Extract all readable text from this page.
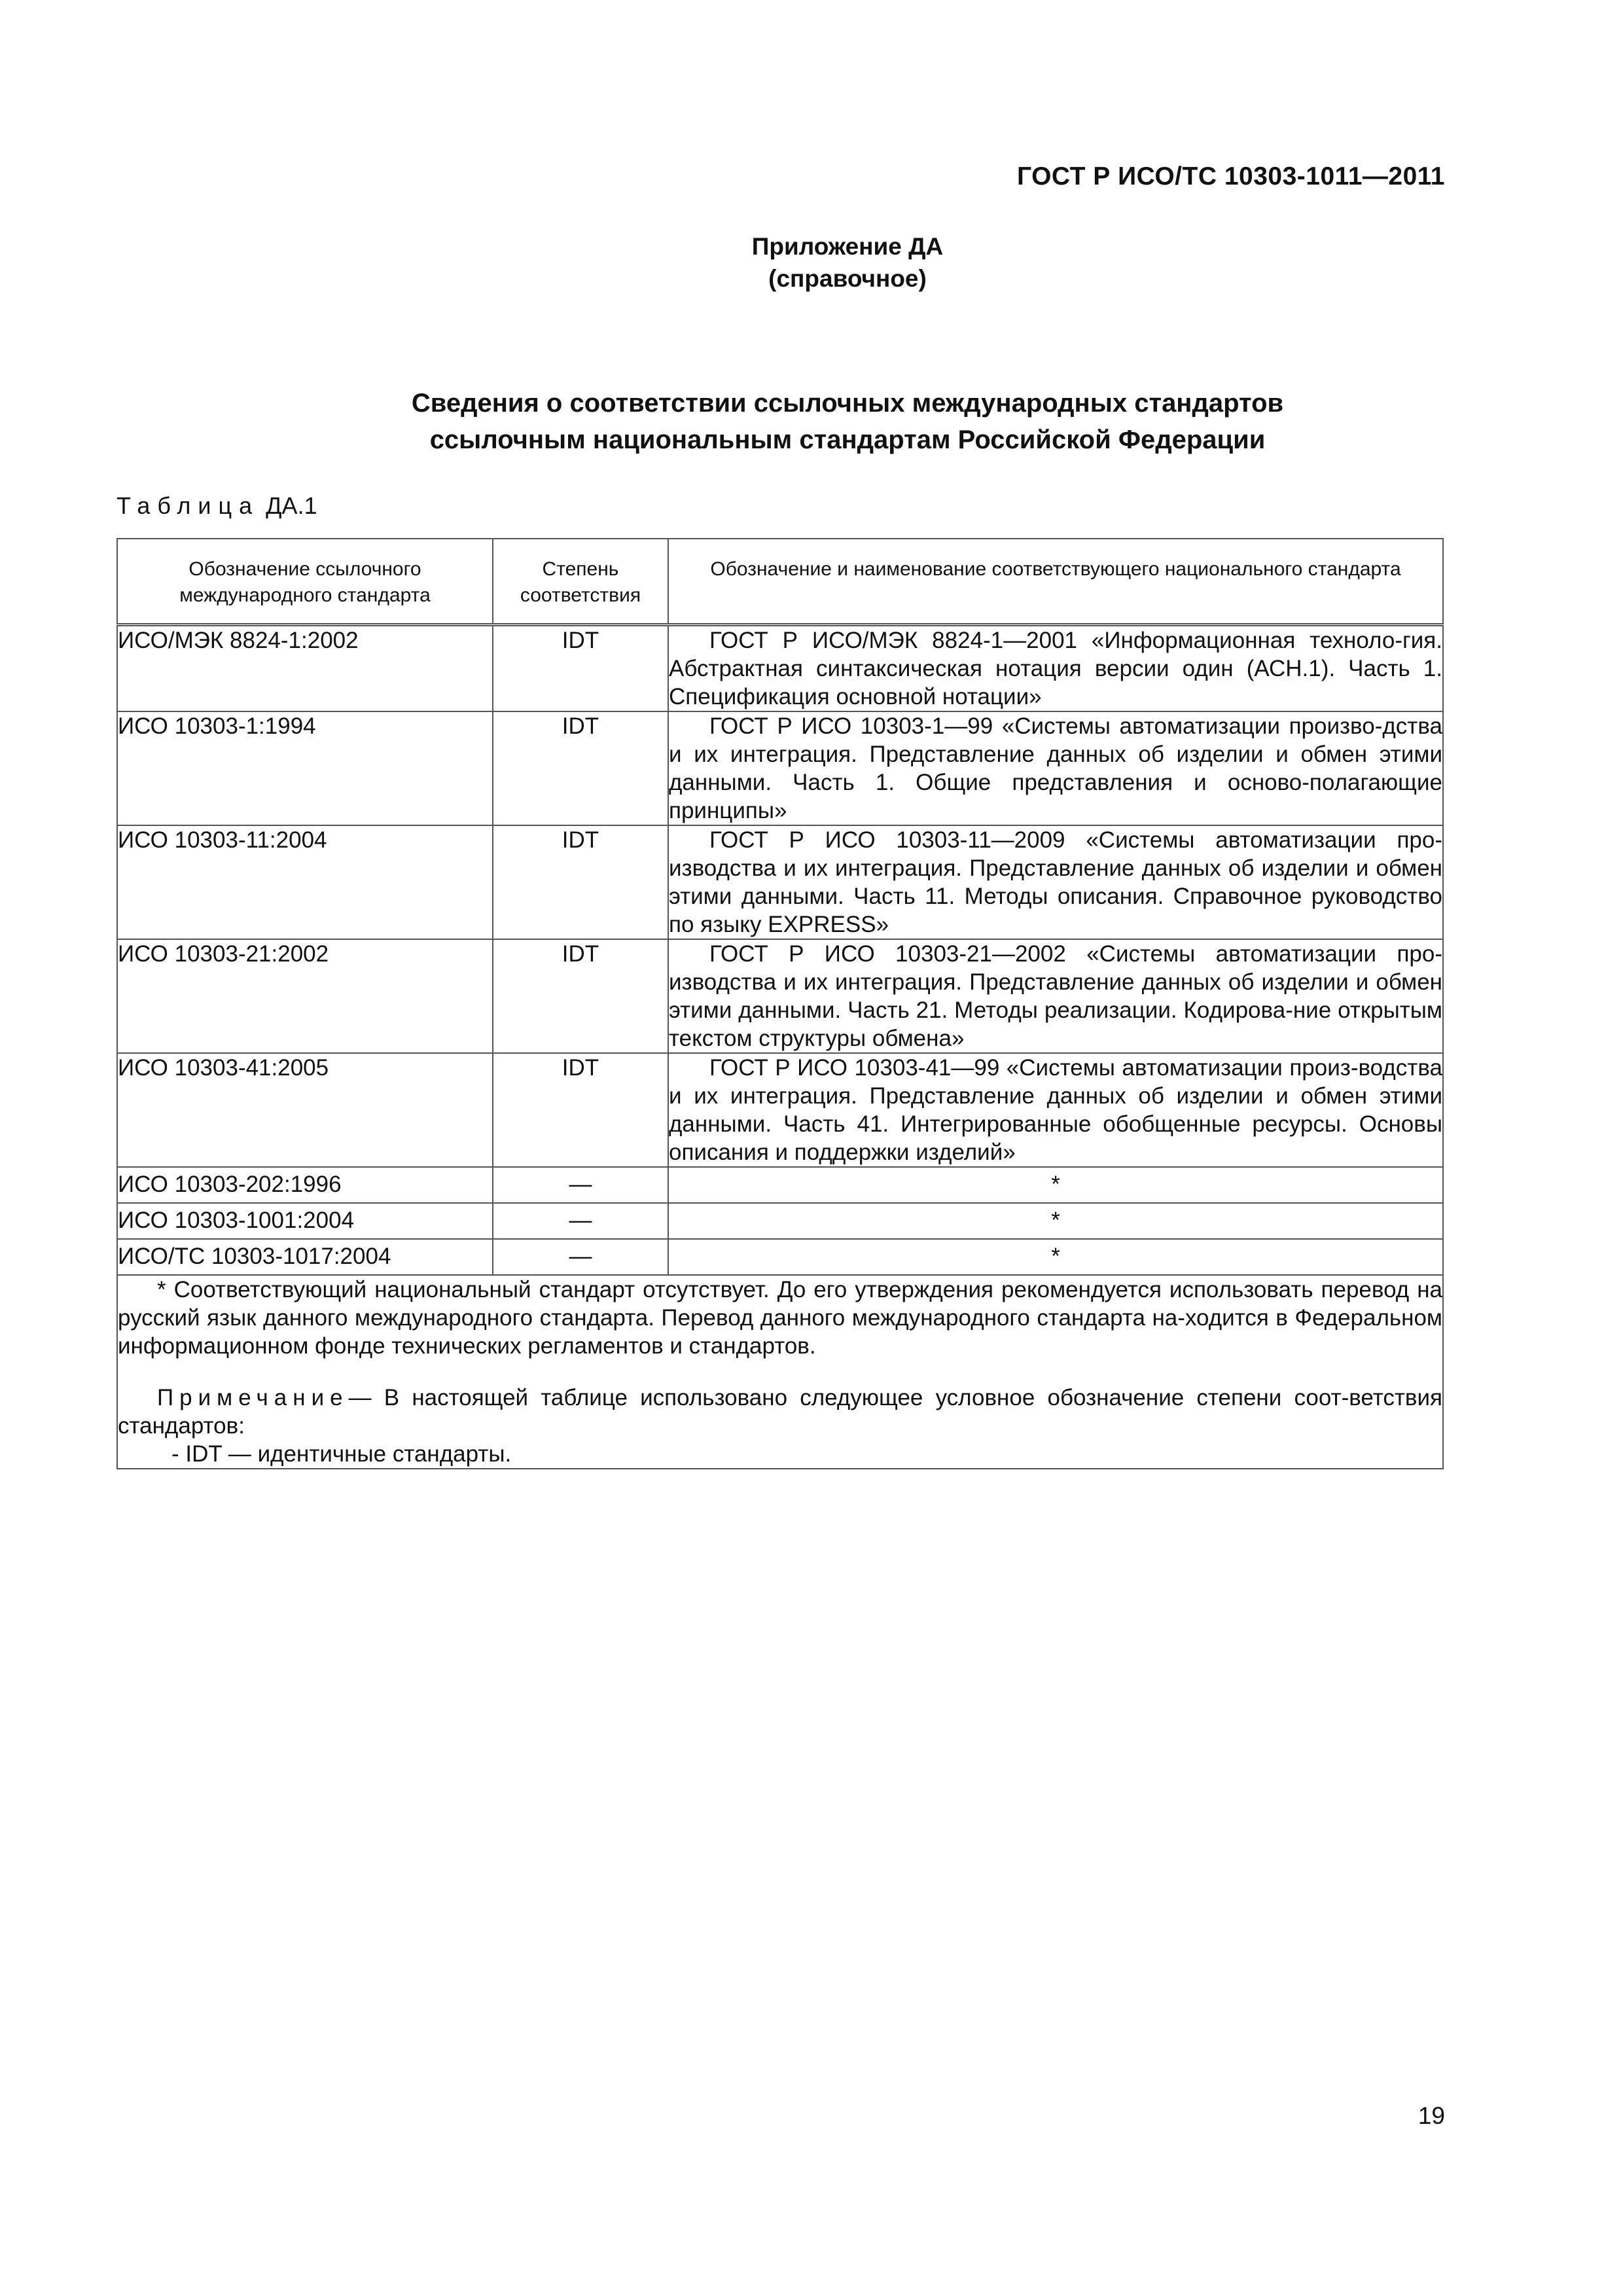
ГОСТ Р ИСО/ТС 10303-1011—2011
Приложение ДА
(справочное)
Сведения о соответствии ссылочных международных стандартов
ссылочным национальным стандартам Российской Федерации
Таблица ДА.1
Обозначение ссылочного международного стандарта	Степень соответствия	Обозначение и наименование соответствующего национального стандарта
ИСО/МЭК 8824-1:2002	IDT	ГОСТ Р ИСО/МЭК 8824-1—2001 «Информационная техноло-гия. Абстрактная синтаксическая нотация версии один (АСН.1). Часть 1. Спецификация основной нотации»

ИСО 10303-1:1994	IDT	ГОСТ Р ИСО 10303-1—99 «Системы автоматизации произво-дства и их интеграция. Представление данных об изделии и обмен этими данными. Часть 1. Общие представления и осново-полагающие принципы»

ИСО 10303-11:2004	IDT	ГОСТ Р ИСО 10303-11—2009 «Системы автоматизации про-изводства и их интеграция. Представление данных об изделии и обмен этими данными. Часть 11. Методы описания. Справочное руководство по языку EXPRESS»

ИСО 10303-21:2002	IDT	ГОСТ Р ИСО 10303-21—2002 «Системы автоматизации про-изводства и их интеграция. Представление данных об изделии и обмен этими данными. Часть 21. Методы реализации. Кодирова-ние открытым текстом структуры обмена»

ИСО 10303-41:2005	IDT	ГОСТ Р ИСО 10303-41—99 «Системы автоматизации произ-водства и их интеграция. Представление данных об изделии и обмен этими данными. Часть 41. Интегрированные обобщенные ресурсы. Основы описания и поддержки изделий»

ИСО 10303-202:1996	—	*
ИСО 10303-1001:2004	—	*
ИСО/ТС 10303-1017:2004	—	*

* Соответствующий национальный стандарт отсутствует. До его утверждения рекомендуется использовать перевод на русский язык данного международного стандарта. Перевод данного международного стандарта на-ходится в Федеральном информационном фонде технических регламентов и стандартов.

Примечание— В настоящей таблице использовано следующее условное обозначение степени соот-ветствия стандартов:

- IDT — идентичные стандарты.		

19
